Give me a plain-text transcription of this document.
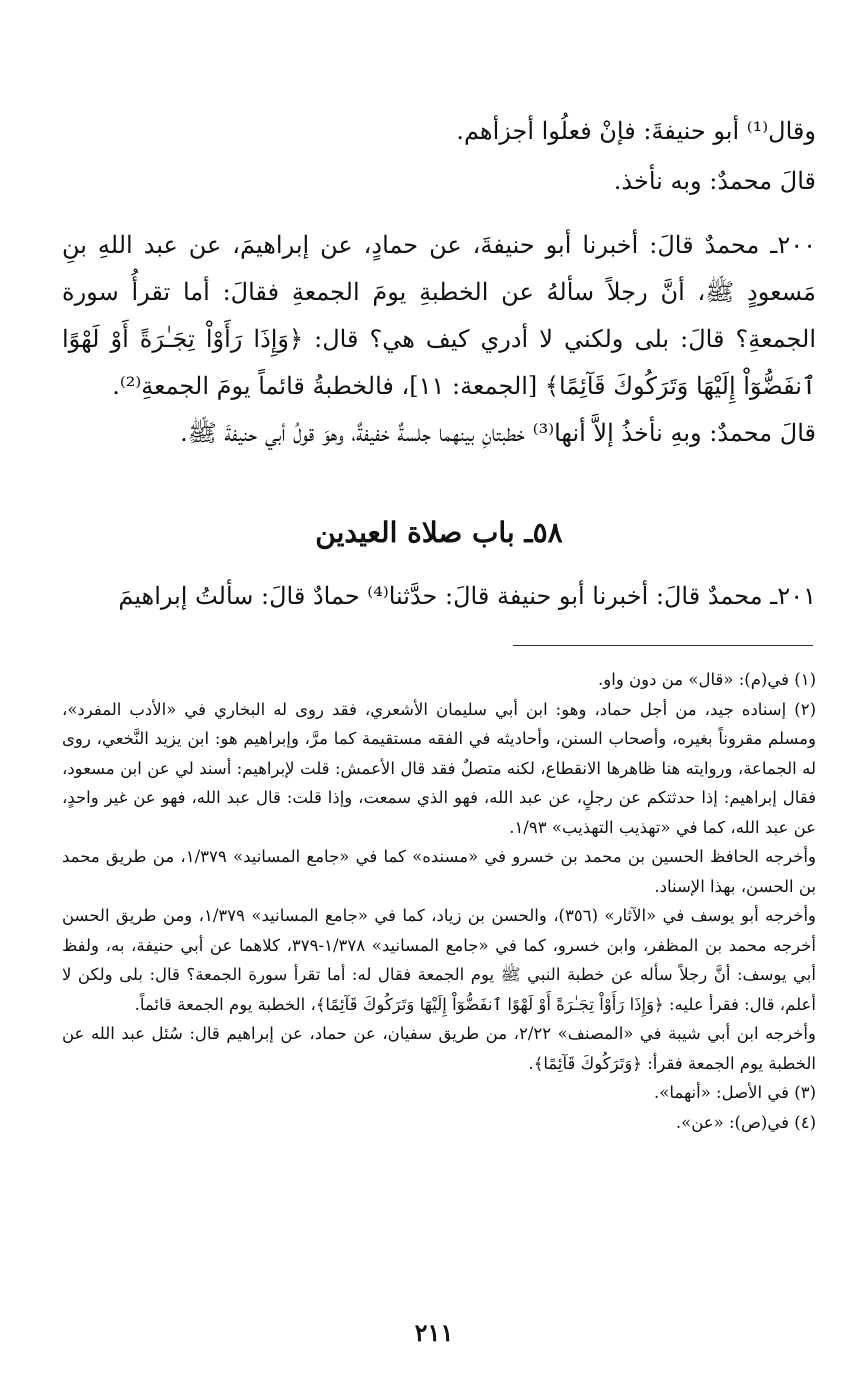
وقال⁽¹⁾ أبو حنيفةَ: فإنْ فعلُوا أجزأهم.

قالَ محمدٌ: وبه نأخذ.

٢٠٠ـ محمدٌ قالَ: أخبرنا أبو حنيفةَ، عن حمادٍ، عن إبراهيمَ، عن عبد اللهِ بنِ مَسعودٍ ﷺ، أنَّ رجلاً سألهُ عن الخطبةِ يومَ الجمعةِ فقالَ: أما تقرأُ سورة الجمعةِ؟ قالَ: بلى ولكني لا أدري كيف هي؟ قال: ﴿وَإِذَا رَأَوْاْ تِجَـٰرَةً أَوْ لَهْوًا ٱنفَضُّوٓاْ إِلَيْهَا وَتَرَكُوكَ قَآئِمًا﴾ [الجمعة: ١١]، فالخطبةُ قائماً يومَ الجمعةِ⁽²⁾.

قالَ محمدٌ: وبهِ نأخذُ إلاَّ أنها⁽³⁾ خطبتانِ بينهما جلسةٌ خفيفةٌ، وهوَ قولُ أبي حنيفةَ ﷺ.

٥٨ـ باب صلاة العيدين

٢٠١ـ محمدٌ قالَ: أخبرنا أبو حنيفة قالَ: حدَّثنا⁽⁴⁾ حمادٌ قالَ: سألتُ إبراهيمَ

(١) في(م): «قال» من دون واو.

(٢) إسناده جيد، من أجل حماد، وهو: ابن أبي سليمان الأشعري، فقد روى له البخاري في «الأدب المفرد»، ومسلم مقروناً بغيره، وأصحاب السنن، وأحاديثه في الفقه مستقيمة كما مرَّ، وإبراهيم هو: ابن يزيد النَّخعي، روى له الجماعة، وروايته هنا ظاهرها الانقطاع، لكنه متصلٌ فقد قال الأعمش: قلت لإبراهيم: أسند لي عن ابن مسعود، فقال إبراهيم: إذا حدثتكم عن رجلٍ، عن عبد الله، فهو الذي سمعت، وإذا قلت: قال عبد الله، فهو عن غير واحدٍ، عن عبد الله، كما في «تهذيب التهذيب» ١/٩٣.

وأخرجه الحافظ الحسين بن محمد بن خسرو في «مسنده» كما في «جامع المسانيد» ١/٣٧٩، من طريق محمد بن الحسن، بهذا الإسناد.

وأخرجه أبو يوسف في «الآثار» (٣٥٦)، والحسن بن زياد، كما في «جامع المسانيد» ١/٣٧٩، ومن طريق الحسن أخرجه محمد بن المظفر، وابن خسرو، كما في «جامع المسانيد» ١/٣٧٨-٣٧٩، كلاهما عن أبي حنيفة، به، ولفظ أبي يوسف: أنَّ رجلاً سأله عن خطبة النبي ﷺ يوم الجمعة فقال له: أما تقرأ سورة الجمعة؟ قال: بلى ولكن لا أعلم، قال: فقرأ عليه: ﴿وَإِذَا رَأَوْاْ تِجَـٰرَةً أَوْ لَهْوًا ٱنفَضُّوٓاْ إِلَيْهَا وَتَرَكُوكَ قَآئِمًا﴾، الخطبة يوم الجمعة قائماً.

وأخرجه ابن أبي شيبة في «المصنف» ٢/٢٢، من طريق سفيان، عن حماد، عن إبراهيم قال: سُئل عبد الله عن الخطبة يوم الجمعة فقرأ: ﴿وَتَرَكُوكَ قَآئِمًا﴾.

(٣) في الأصل: «أنهما».

(٤) في(ص): «عن».

٢١١
